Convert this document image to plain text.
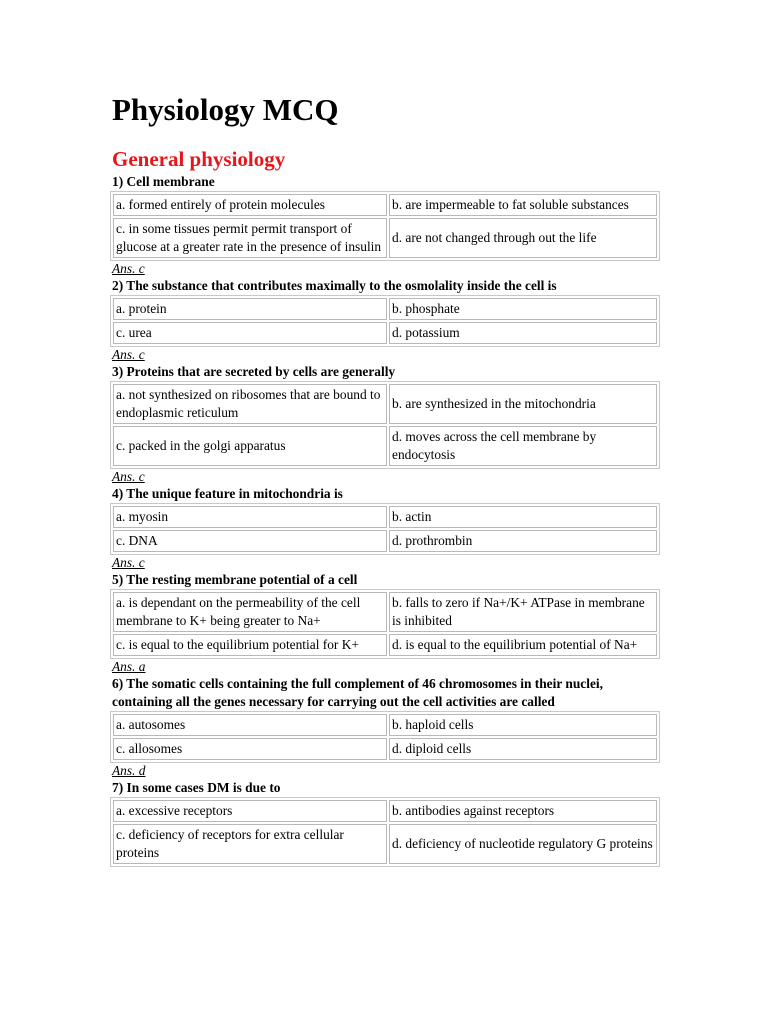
Physiology MCQ
General physiology

1) Cell membrane

a. formed entirely of protein molecules	b. are impermeable to fat soluble substances
c. in some tissues permit permit transport of glucose at a greater rate in the presence of insulin	d. are not changed through out the life

Ans. c

2) The substance that contributes maximally to the osmolality inside the cell is

a. protein	b. phosphate
c. urea	d. potassium

Ans. c

3) Proteins that are secreted by cells are generally

a. not synthesized on ribosomes that are bound to endoplasmic reticulum	b. are synthesized in the mitochondria
c. packed in the golgi apparatus	d. moves across the cell membrane by endocytosis

Ans. c

4) The unique feature in mitochondria is

a. myosin	b. actin
c. DNA	d. prothrombin

Ans. c

5) The resting membrane potential of a cell

a. is dependant on the permeability of the cell membrane to K+ being greater to Na+	b. falls to zero if Na+/K+ ATPase in membrane is inhibited
c. is equal to the equilibrium potential for K+	d. is equal to the equilibrium potential of Na+

Ans. a

6) The somatic cells containing the full complement of 46 chromosomes in their nuclei, containing all the genes necessary for carrying out the cell activities are called

a. autosomes	b. haploid cells
c. allosomes	d. diploid cells

Ans. d

7) In some cases DM is due to

a. excessive receptors	b. antibodies against receptors
c. deficiency of receptors for extra cellular proteins	d. deficiency of nucleotide regulatory G proteins
